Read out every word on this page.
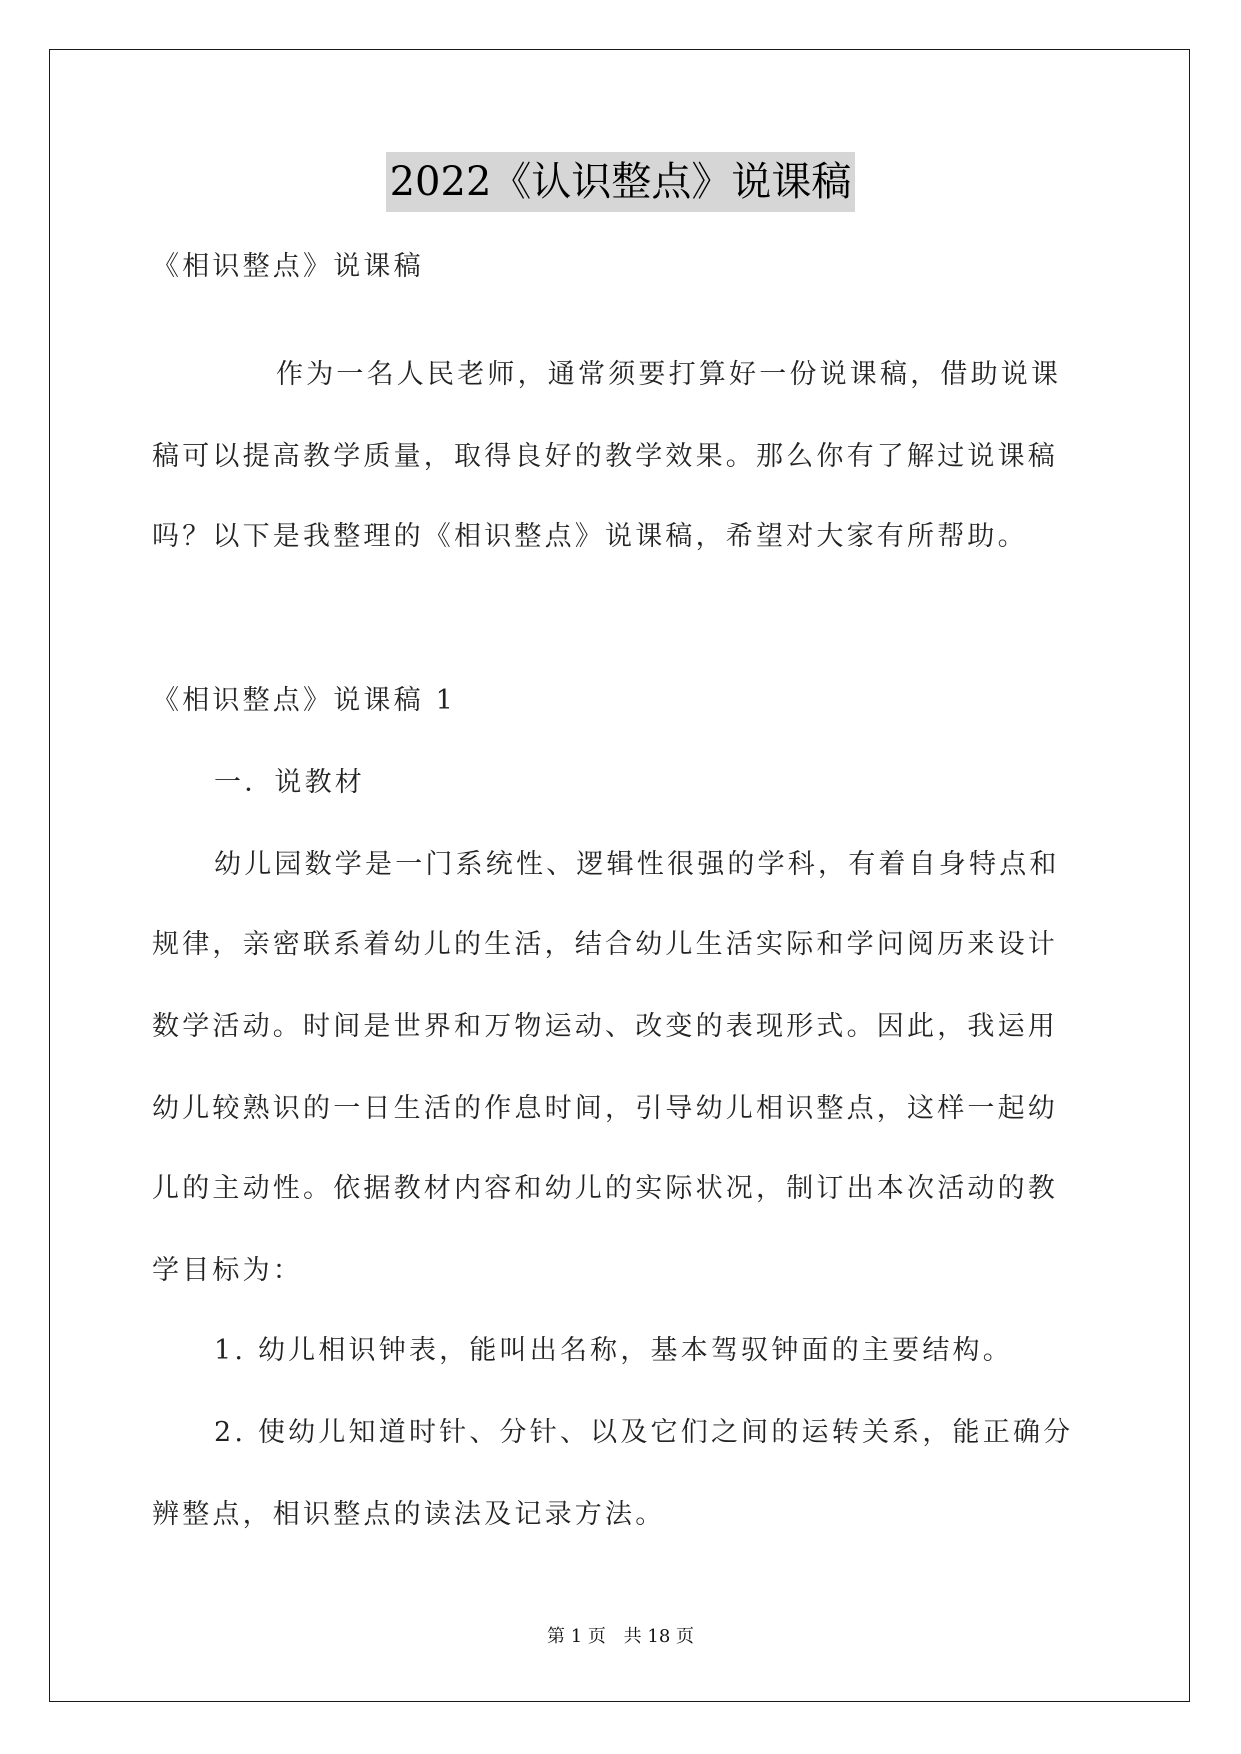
2022《认识整点》说课稿
《相识整点》说课稿
作为一名人民老师，通常须要打算好一份说课稿，借助说课
稿可以提高教学质量，取得良好的教学效果。那么你有了解过说课稿
吗？以下是我整理的《相识整点》说课稿，希望对大家有所帮助。
《相识整点》说课稿 1
一．说教材
幼儿园数学是一门系统性、逻辑性很强的学科，有着自身特点和
规律，亲密联系着幼儿的生活，结合幼儿生活实际和学问阅历来设计
数学活动。时间是世界和万物运动、改变的表现形式。因此，我运用
幼儿较熟识的一日生活的作息时间，引导幼儿相识整点，这样一起幼
儿的主动性。依据教材内容和幼儿的实际状况，制订出本次活动的教
学目标为：
1. 幼儿相识钟表，能叫出名称，基本驾驭钟面的主要结构。
2. 使幼儿知道时针、分针、以及它们之间的运转关系，能正确分
辨整点，相识整点的读法及记录方法。
第 1 页 共 18 页
